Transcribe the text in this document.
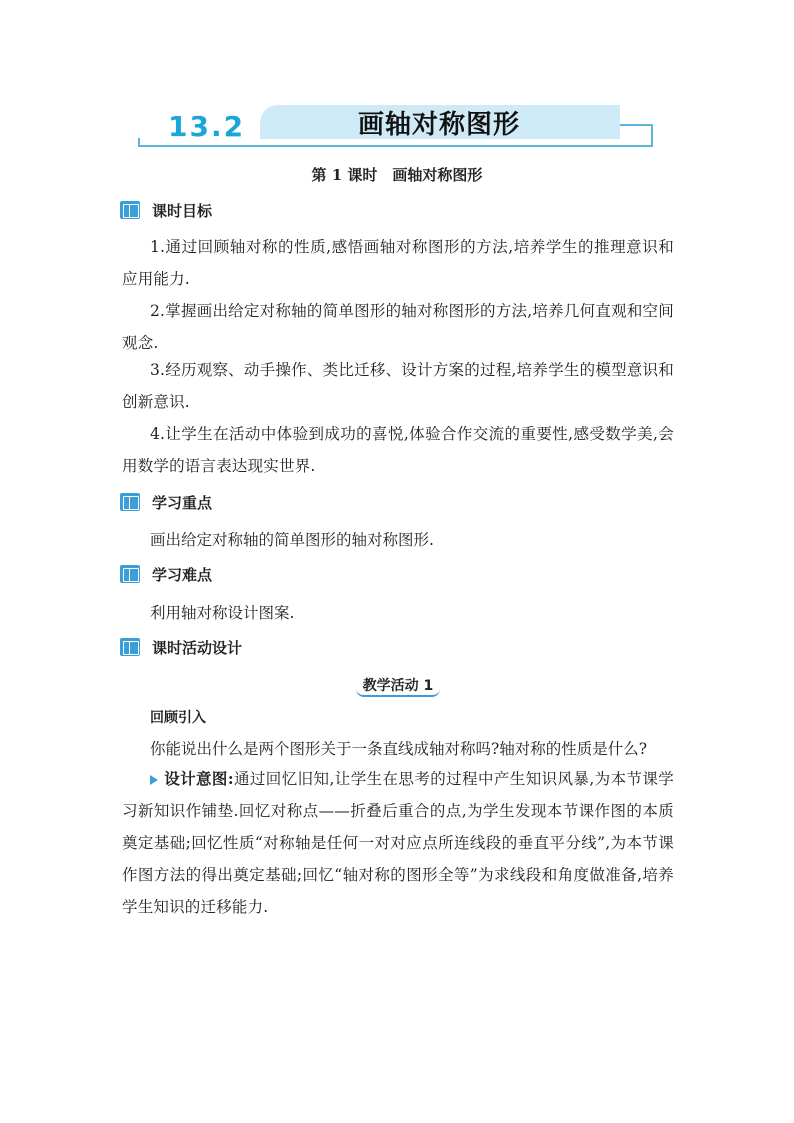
13.2	画轴对称图形
第 1 课时　画轴对称图形
课时目标
1.通过回顾轴对称的性质,感悟画轴对称图形的方法,培养学生的推理意识和应用能力.
2.掌握画出给定对称轴的简单图形的轴对称图形的方法,培养几何直观和空间观念.
3.经历观察、动手操作、类比迁移、设计方案的过程,培养学生的模型意识和创新意识.
4.让学生在活动中体验到成功的喜悦,体验合作交流的重要性,感受数学美,会用数学的语言表达现实世界.
学习重点
画出给定对称轴的简单图形的轴对称图形.
学习难点
利用轴对称设计图案.
课时活动设计
教学活动 1
回顾引入
你能说出什么是两个图形关于一条直线成轴对称吗?轴对称的性质是什么?
设计意图:通过回忆旧知,让学生在思考的过程中产生知识风暴,为本节课学习新知识作铺垫.回忆对称点——折叠后重合的点,为学生发现本节课作图的本质奠定基础;回忆性质“对称轴是任何一对对应点所连线段的垂直平分线”,为本节课作图方法的得出奠定基础;回忆“轴对称的图形全等”为求线段和角度做准备,培养学生知识的迁移能力.
